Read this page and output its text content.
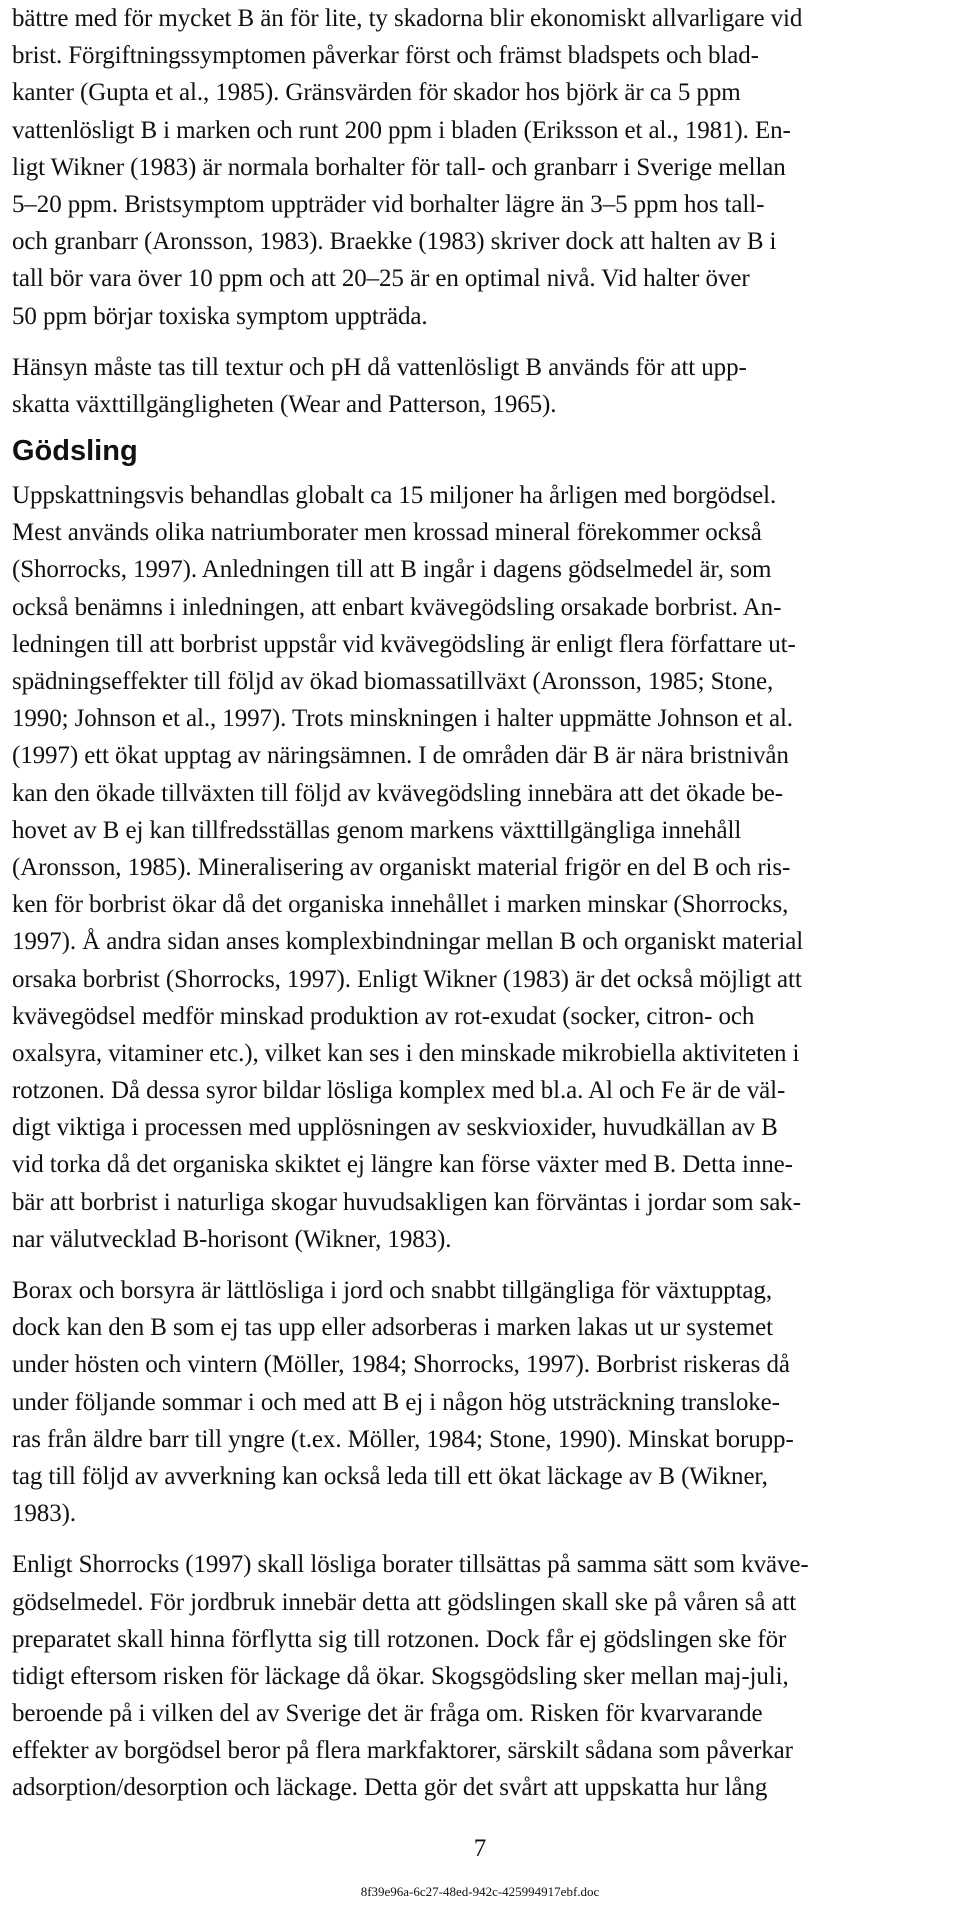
bättre med för mycket B än för lite, ty skadorna blir ekonomiskt allvarligare vid
brist. Förgiftningssymptomen påverkar först och främst bladspets och blad-
kanter (Gupta et al., 1985). Gränsvärden för skador hos björk är ca 5 ppm
vattenlösligt B i marken och runt 200 ppm i bladen (Eriksson et al., 1981). En-
ligt Wikner (1983) är normala borhalter för tall- och granbarr i Sverige mellan
5–20 ppm. Bristsymptom uppträder vid borhalter lägre än 3–5 ppm hos tall-
och granbarr (Aronsson, 1983). Braekke (1983) skriver dock att halten av B i
tall bör vara över 10 ppm och att 20–25 är en optimal nivå. Vid halter över
50 ppm börjar toxiska symptom uppträda.
Hänsyn måste tas till textur och pH då vattenlösligt B används för att upp-
skatta växttillgängligheten (Wear and Patterson, 1965).
Gödsling
Uppskattningsvis behandlas globalt ca 15 miljoner ha årligen med borgödsel.
Mest används olika natriumborater men krossad mineral förekommer också
(Shorrocks, 1997). Anledningen till att B ingår i dagens gödselmedel är, som
också benämns i inledningen, att enbart kvävegödsling orsakade borbrist. An-
ledningen till att borbrist uppstår vid kvävegödsling är enligt flera författare ut-
spädningseffekter till följd av ökad biomassatillväxt (Aronsson, 1985; Stone,
1990; Johnson et al., 1997). Trots minskningen i halter uppmätte Johnson et al.
(1997) ett ökat upptag av näringsämnen. I de områden där B är nära bristnivån
kan den ökade tillväxten till följd av kvävegödsling innebära att det ökade be-
hovet av B ej kan tillfredsställas genom markens växttillgängliga innehåll
(Aronsson, 1985). Mineralisering av organiskt material frigör en del B och ris-
ken för borbrist ökar då det organiska innehållet i marken minskar (Shorrocks,
1997). Å andra sidan anses komplexbindningar mellan B och organiskt material
orsaka borbrist (Shorrocks, 1997). Enligt Wikner (1983) är det också möjligt att
kvävegödsel medför minskad produktion av rot-exudat (socker, citron- och
oxalsyra, vitaminer etc.), vilket kan ses i den minskade mikrobiella aktiviteten i
rotzonen. Då dessa syror bildar lösliga komplex med bl.a. Al och Fe är de väl-
digt viktiga i processen med upplösningen av seskvioxider, huvudkällan av B
vid torka då det organiska skiktet ej längre kan förse växter med B. Detta inne-
bär att borbrist i naturliga skogar huvudsakligen kan förväntas i jordar som sak-
nar välutvecklad B-horisont (Wikner, 1983).
Borax och borsyra är lättlösliga i jord och snabbt tillgängliga för växtupptag,
dock kan den B som ej tas upp eller adsorberas i marken lakas ut ur systemet
under hösten och vintern (Möller, 1984; Shorrocks, 1997). Borbrist riskeras då
under följande sommar i och med att B ej i någon hög utsträckning transloke-
ras från äldre barr till yngre (t.ex. Möller, 1984; Stone, 1990). Minskat borupp-
tag till följd av avverkning kan också leda till ett ökat läckage av B (Wikner,
1983).
Enligt Shorrocks (1997) skall lösliga borater tillsättas på samma sätt som kväve-
gödselmedel. För jordbruk innebär detta att gödslingen skall ske på våren så att
preparatet skall hinna förflytta sig till rotzonen. Dock får ej gödslingen ske för
tidigt eftersom risken för läckage då ökar. Skogsgödsling sker mellan maj-juli,
beroende på i vilken del av Sverige det är fråga om. Risken för kvarvarande
effekter av borgödsel beror på flera markfaktorer, särskilt sådana som påverkar
adsorption/desorption och läckage. Detta gör det svårt att uppskatta hur lång
7
8f39e96a-6c27-48ed-942c-425994917ebf.doc
